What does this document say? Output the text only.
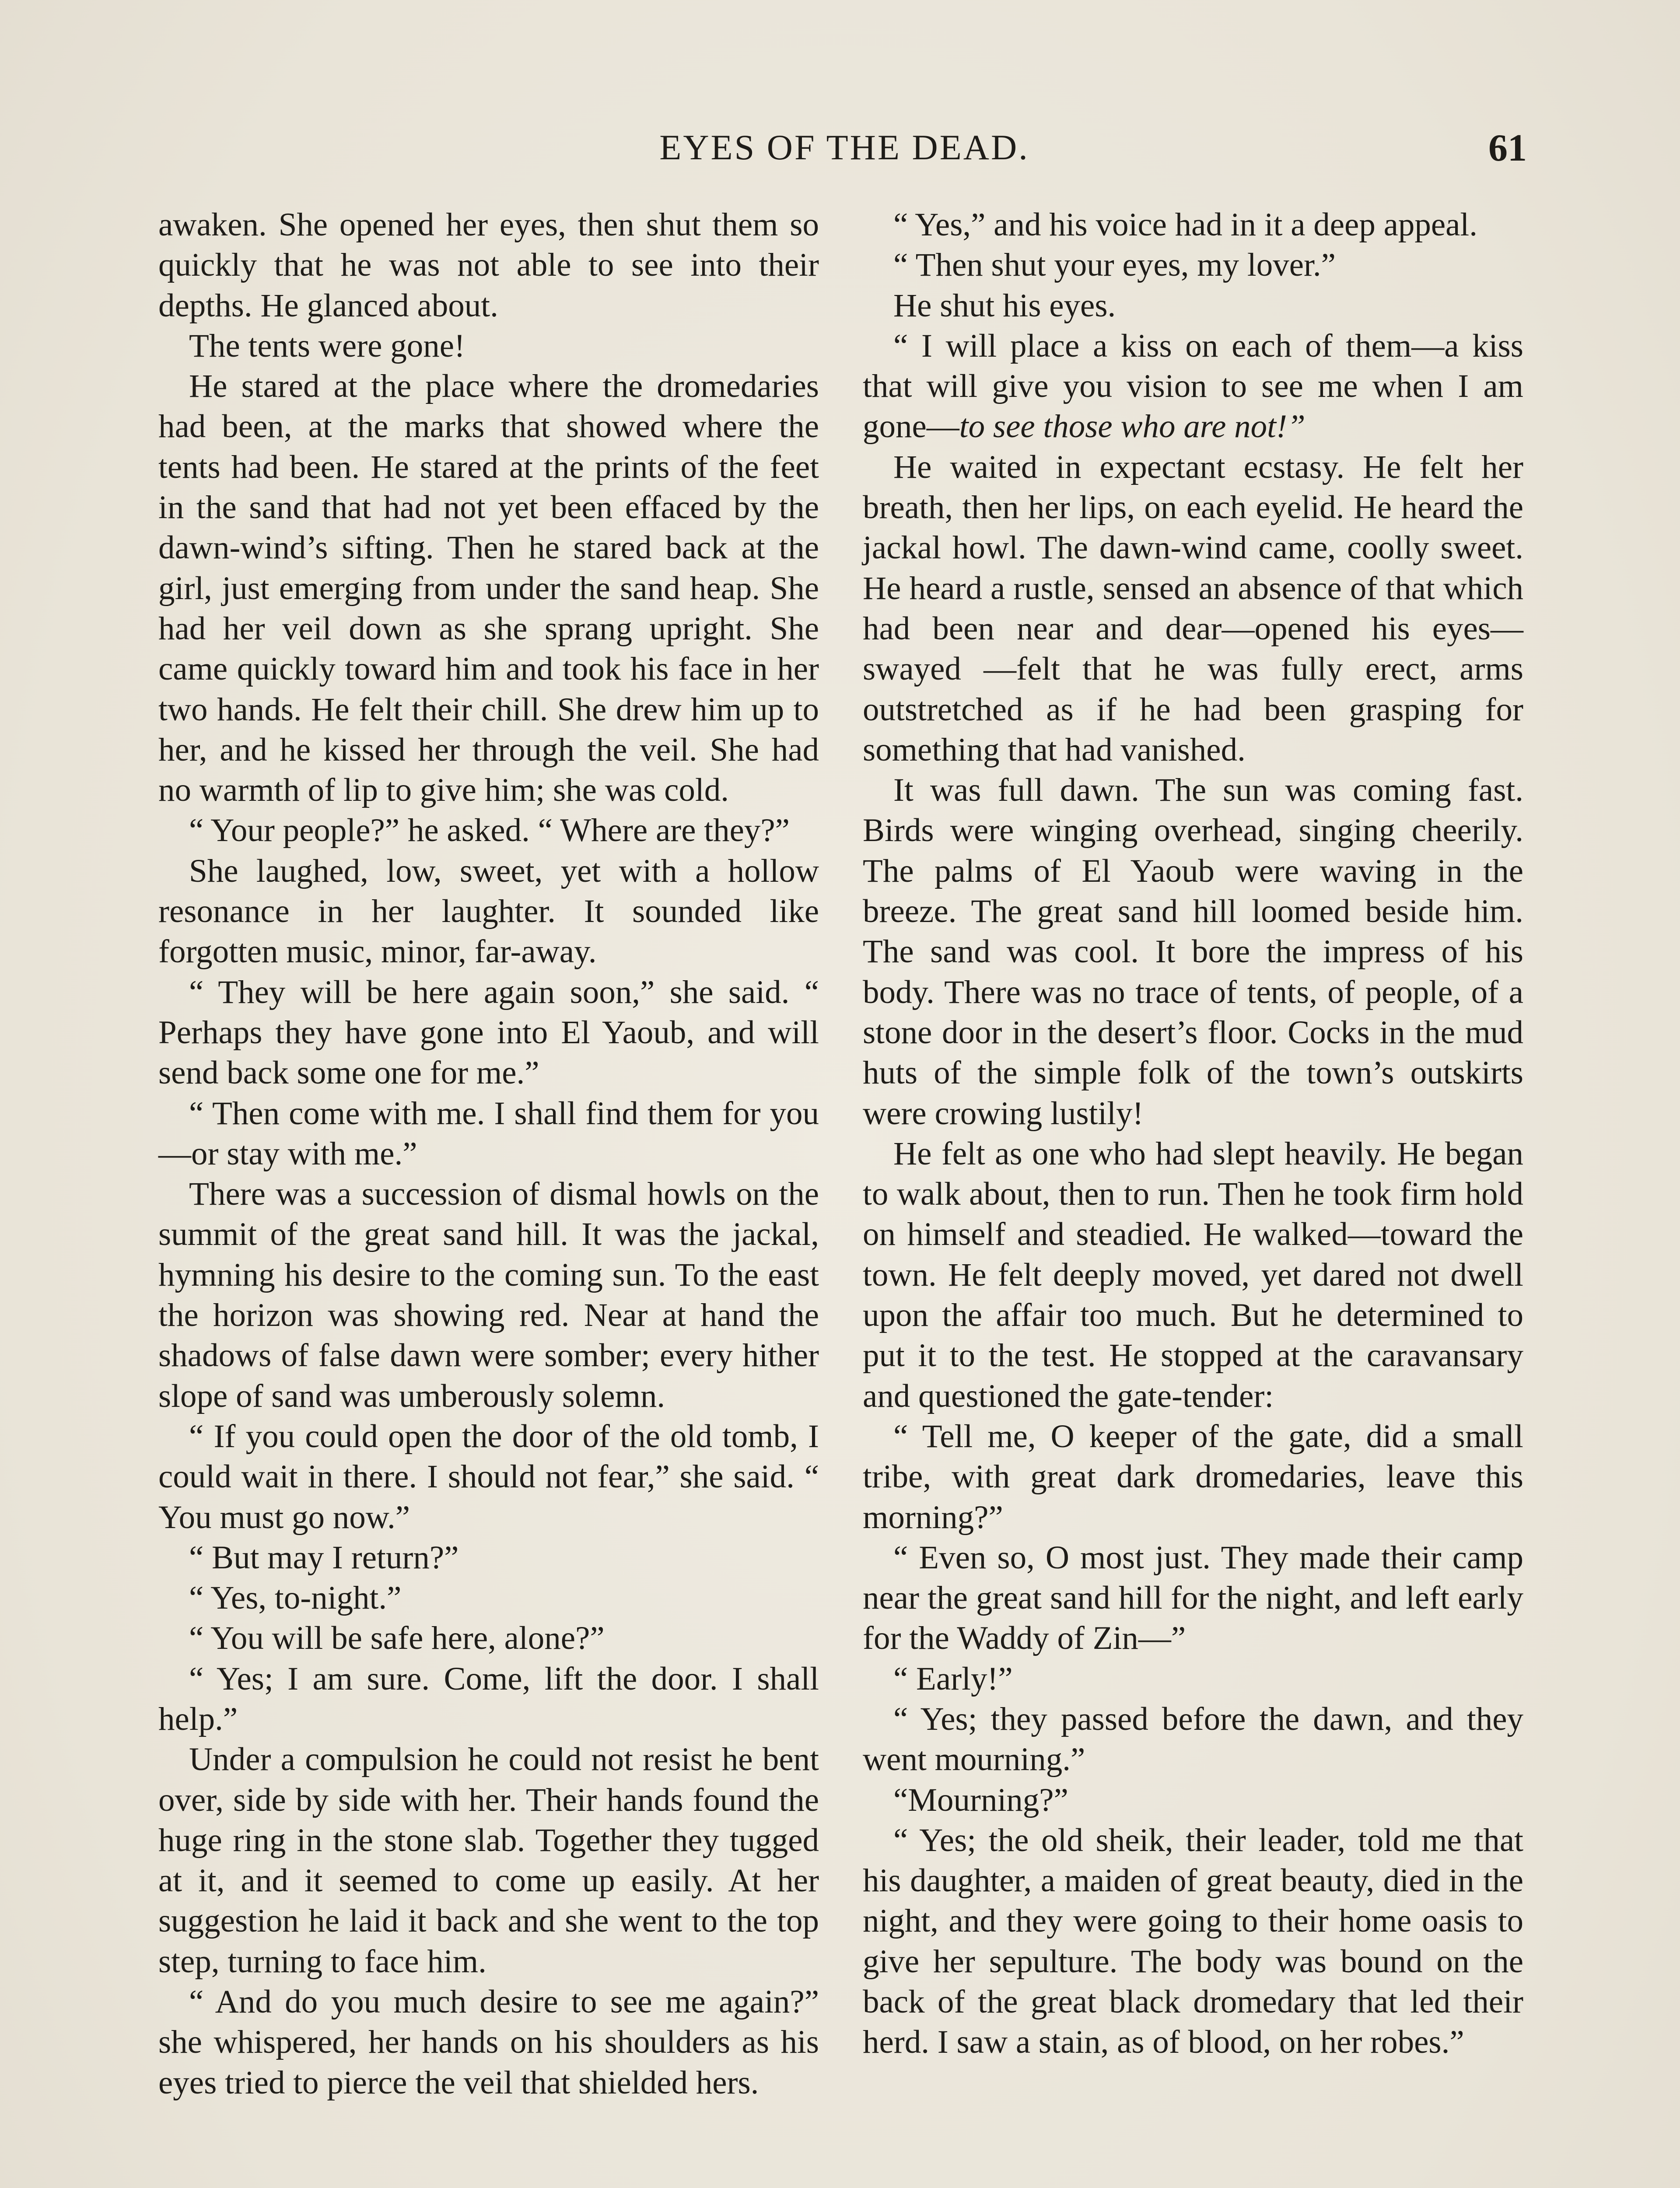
EYES OF THE DEAD.	61

awaken. She opened her eyes, then shut them so quickly that he was not able to see into their depths. He glanced about.

The tents were gone!

He stared at the place where the dromedaries had been, at the marks that showed where the tents had been. He stared at the prints of the feet in the sand that had not yet been effaced by the dawn-wind’s sifting. Then he stared back at the girl, just emerging from under the sand heap. She had her veil down as she sprang upright. She came quickly toward him and took his face in her two hands. He felt their chill. She drew him up to her, and he kissed her through the veil. She had no warmth of lip to give him; she was cold.

“ Your people?” he asked. “ Where are they?”

She laughed, low, sweet, yet with a hollow resonance in her laughter. It sounded like forgotten music, minor, far-away.

“ They will be here again soon,” she said. “ Perhaps they have gone into El Yaoub, and will send back some one for me.”

“ Then come with me. I shall find them for you—or stay with me.”

There was a succession of dismal howls on the summit of the great sand hill. It was the jackal, hymning his desire to the coming sun. To the east the horizon was showing red. Near at hand the shadows of false dawn were somber; every hither slope of sand was umberously solemn.

“ If you could open the door of the old tomb, I could wait in there. I should not fear,” she said. “ You must go now.”

“ But may I return?”

“ Yes, to-night.”

“ You will be safe here, alone?”

“ Yes; I am sure. Come, lift the door. I shall help.”

Under a compulsion he could not resist he bent over, side by side with her. Their hands found the huge ring in the stone slab. Together they tugged at it, and it seemed to come up easily. At her suggestion he laid it back and she went to the top step, turning to face him.

“ And do you much desire to see me again?” she whispered, her hands on his shoulders as his eyes tried to pierce the veil that shielded hers.

“ Yes,” and his voice had in it a deep appeal.

“ Then shut your eyes, my lover.”

He shut his eyes.

“ I will place a kiss on each of them—a kiss that will give you vision to see me when I am gone—to see those who are not!”

He waited in expectant ecstasy. He felt her breath, then her lips, on each eyelid. He heard the jackal howl. The dawn-wind came, coolly sweet. He heard a rustle, sensed an absence of that which had been near and dear—opened his eyes—swayed —felt that he was fully erect, arms outstretched as if he had been grasping for something that had vanished.

It was full dawn. The sun was coming fast. Birds were winging overhead, singing cheerily. The palms of El Yaoub were waving in the breeze. The great sand hill loomed beside him. The sand was cool. It bore the impress of his body. There was no trace of tents, of people, of a stone door in the desert’s floor. Cocks in the mud huts of the simple folk of the town’s outskirts were crowing lustily!

He felt as one who had slept heavily. He began to walk about, then to run. Then he took firm hold on himself and steadied. He walked—toward the town. He felt deeply moved, yet dared not dwell upon the affair too much. But he determined to put it to the test. He stopped at the caravansary and questioned the gate-tender:

“ Tell me, O keeper of the gate, did a small tribe, with great dark dromedaries, leave this morning?”

“ Even so, O most just. They made their camp near the great sand hill for the night, and left early for the Waddy of Zin—”

“ Early!”

“ Yes; they passed before the dawn, and they went mourning.”

“Mourning?”

“ Yes; the old sheik, their leader, told me that his daughter, a maiden of great beauty, died in the night, and they were going to their home oasis to give her sepulture. The body was bound on the back of the great black dromedary that led their herd. I saw a stain, as of blood, on her robes.”
